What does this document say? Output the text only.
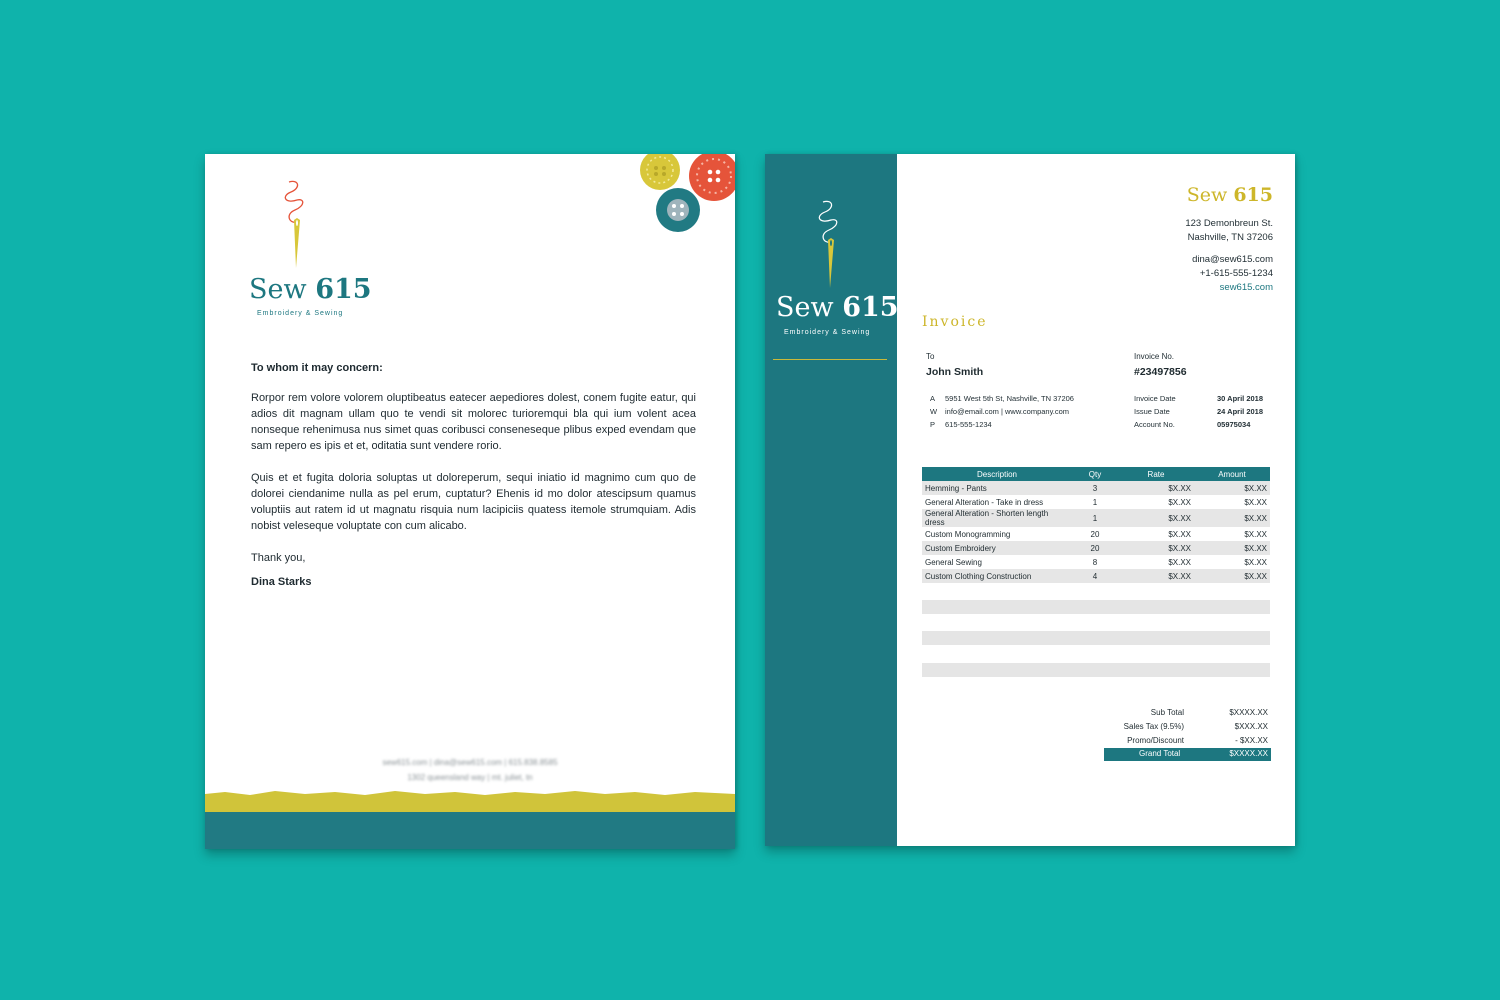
Sew 615
Embroidery & Sewing

To whom it may concern:

Rorpor rem volore volorem oluptibeatus eatecer aepediores dolest, conem fugite eatur, qui adios dit magnam ullam quo te vendi sit molorec turioremqui bla qui ium volent acea nonseque rehenimusa nus simet quas coribusci conseneseque plibus exped evendam que sam repero es ipis et et, oditatia sunt vendere rorio.

Quis et et fugita doloria soluptas ut doloreperum, sequi iniatio id magnimo cum quo de dolorei ciendanime nulla as pel erum, cuptatur? Ehenis id mo dolor atescipsum quamus voluptiis aut ratem id ut magnatu risquia num lacipiciis quatess itemole strumquiam. Adis nobist veleseque voluptate con cum alicabo.

Thank you,

Dina Starks

sew615.com | dina@sew615.com | 615.838.8585
1302 queensland way | mt. juliet, tn
Sew 615
Embroidery & Sewing
Sew 615
123 Demonbreun St.
Nashville, TN 37206
dina@sew615.com
+1-615-555-1234
sew615.com
Invoice
To
John Smith
A 5951 West 5th St, Nashville, TN 37206
W info@email.com | www.company.com
P 615-555-1234
Invoice No.
#23497856
Invoice Date	30 April 2018
Issue Date	24 April 2018
Account No.	05975034
Description	Qty	Rate	Amount
Hemming - Pants	3	$X.XX	$X.XX
General Alteration - Take in dress	1	$X.XX	$X.XX
General Alteration - Shorten length dress	1	$X.XX	$X.XX
Custom Monogramming	20	$X.XX	$X.XX
Custom Embroidery	20	$X.XX	$X.XX
General Sewing	8	$X.XX	$X.XX
Custom Clothing Construction	4	$X.XX	$X.XX
Sub Total	$XXXX.XX
Sales Tax (9.5%)	$XXX.XX
Promo/Discount	- $XX.XX
Grand Total	$XXXX.XX
